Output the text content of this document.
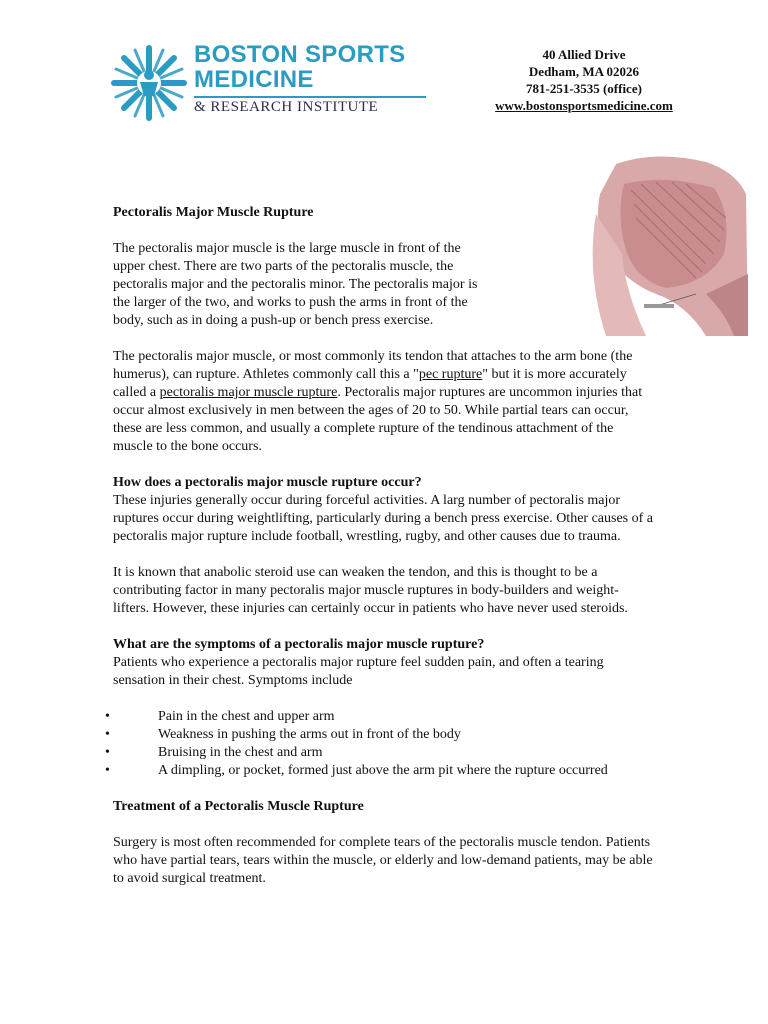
BOSTON SPORTS
MEDICINE
& RESEARCH INSTITUTE
40 Allied Drive
Dedham, MA 02026
781-251-3535 (office)
www.bostonsportsmedicine.com

Pectoralis Major Muscle Rupture

The pectoralis major muscle is the large muscle in front of the upper chest. There are two parts of the pectoralis muscle, the pectoralis major and the pectoralis minor. The pectoralis major is the larger of the two, and works to push the arms in front of the body, such as in doing a push-up or bench press exercise.

The pectoralis major muscle, or most commonly its tendon that attaches to the arm bone (the humerus), can rupture. Athletes commonly call this a "pec rupture" but it is more accurately called a pectoralis major muscle rupture. Pectoralis major ruptures are uncommon injuries that occur almost exclusively in men between the ages of 20 to 50. While partial tears can occur, these are less common, and usually a complete rupture of the tendinous attachment of the muscle to the bone occurs.

How does a pectoralis major muscle rupture occur?

These injuries generally occur during forceful activities. A larg number of pectoralis major ruptures occur during weightlifting, particularly during a bench press exercise. Other causes of a pectoralis major rupture include football, wrestling, rugby, and other causes due to trauma.

It is known that anabolic steroid use can weaken the tendon, and this is thought to be a contributing factor in many pectoralis major muscle ruptures in body-builders and weight-lifters. However, these injuries can certainly occur in patients who have never used steroids.

What are the symptoms of a pectoralis major muscle rupture?

Patients who experience a pectoralis major rupture feel sudden pain, and often a tearing sensation in their chest. Symptoms include

• Pain in the chest and upper arm
• Weakness in pushing the arms out in front of the body
• Bruising in the chest and arm
• A dimpling, or pocket, formed just above the arm pit where the rupture occurred

Treatment of a Pectoralis Muscle Rupture

Surgery is most often recommended for complete tears of the pectoralis muscle tendon. Patients who have partial tears, tears within the muscle, or elderly and low-demand patients, may be able to avoid surgical treatment.
